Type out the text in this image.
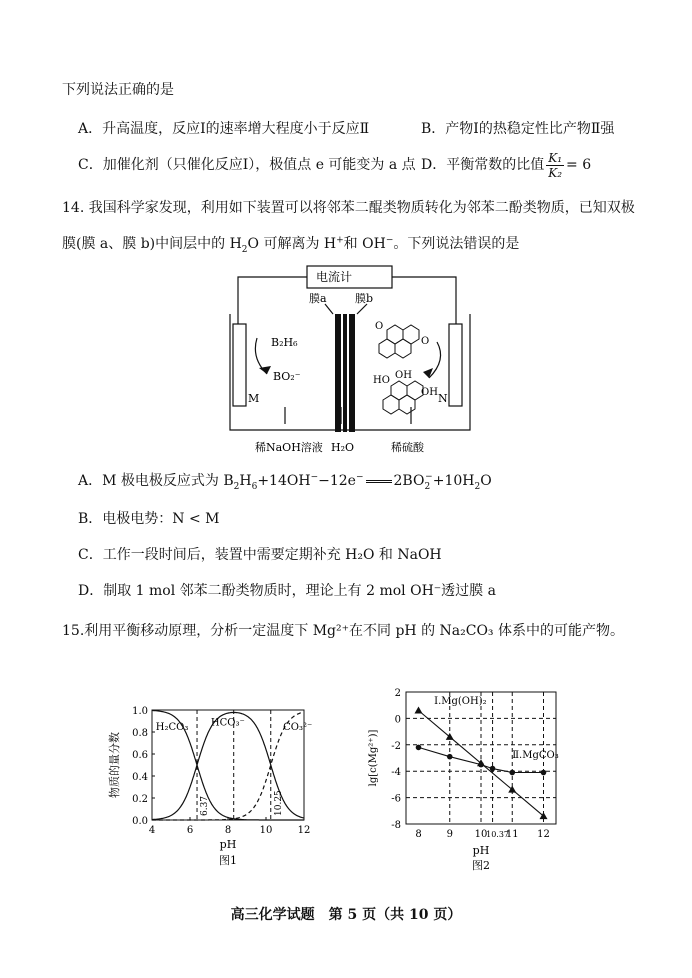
下列说法正确的是
A．升高温度，反应Ⅰ的速率增大程度小于反应Ⅱ	B．产物Ⅰ的热稳定性比产物Ⅱ强
C．加催化剂（只催化反应Ⅰ），极值点 e 可能变为 a 点 D．平衡常数的比值 $\frac{\text{K₁}}{\text{K₂}} = 6$
14. 我国科学家发现，利用如下装置可以将邻苯二醌类物质转化为邻苯二酚类物质，已知双极
膜(膜 a、膜 b)中间层中的 $H_2O$ 可解离为 H+和 OH−。下列说法错误的是
电流计
膜a	膜b
O
O
B₂H₆
BO₂⁻
M	N
HO OH
OH
稀NaOH溶液 H₂O	稀硫酸
A．M 极电极反应式为 $B_2H_6+14OH^--12e^-$ $2BO_2^-+10H_2O$
B．电极电势：N < M
C．工作一段时间后，装置中需要定期补充 H₂O 和 NaOH
D．制取 1 mol 邻苯二酚类物质时，理论上有 2 mol OH⁻透过膜 a
15.利用平衡移动原理，分析一定温度下 Mg²⁺在不同 pH 的 Na₂CO₃ 体系中的可能产物。
0.0
0.2
0.4
0.6
0.8
1.0
4	6	8	10	12
H₂CO₃ HCO₃⁻	CO₃²⁻
6.37	10.25
pH
图1
物质的量分数
2
0
-2
-4
-6
-8
8 9 10
10.37
11 12
Ⅰ.Mg(OH)₂
Ⅱ.MgCO₃
pH
图2
lg[c(Mg²⁺)]
高三化学试题　第 5 页（共 10 页）
